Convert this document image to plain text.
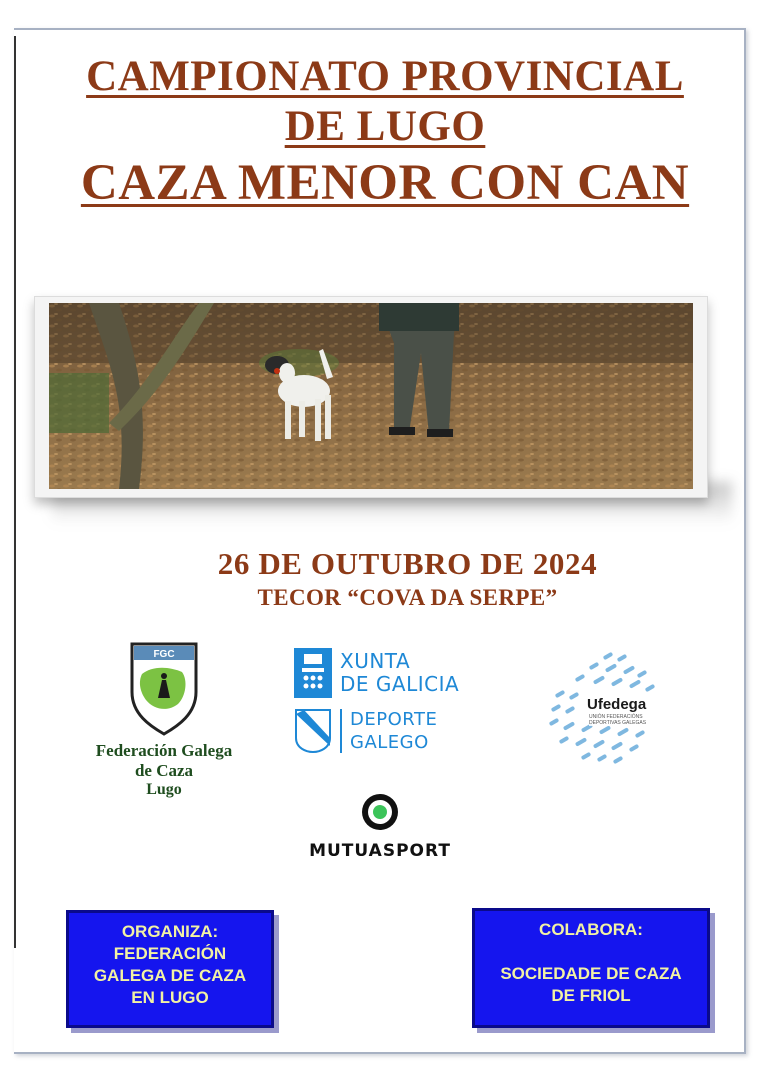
CAMPIONATO PROVINCIAL
DE LUGO
CAZA MENOR CON CAN
26 DE OUTUBRO DE 2024
TECOR “COVA DA SERPE”
FGC
Federación Galega
de Caza
Lugo
XUNTA
DE GALICIA
DEPORTE
GALEGO
Ufedega
UNIÓN FEDERACIÓNS DEPORTIVAS GALEGAS
MUTUASPORT
ORGANIZA:
FEDERACIÓN
GALEGA DE CAZA
EN LUGO
COLABORA:
SOCIEDADE DE CAZA
DE FRIOL
